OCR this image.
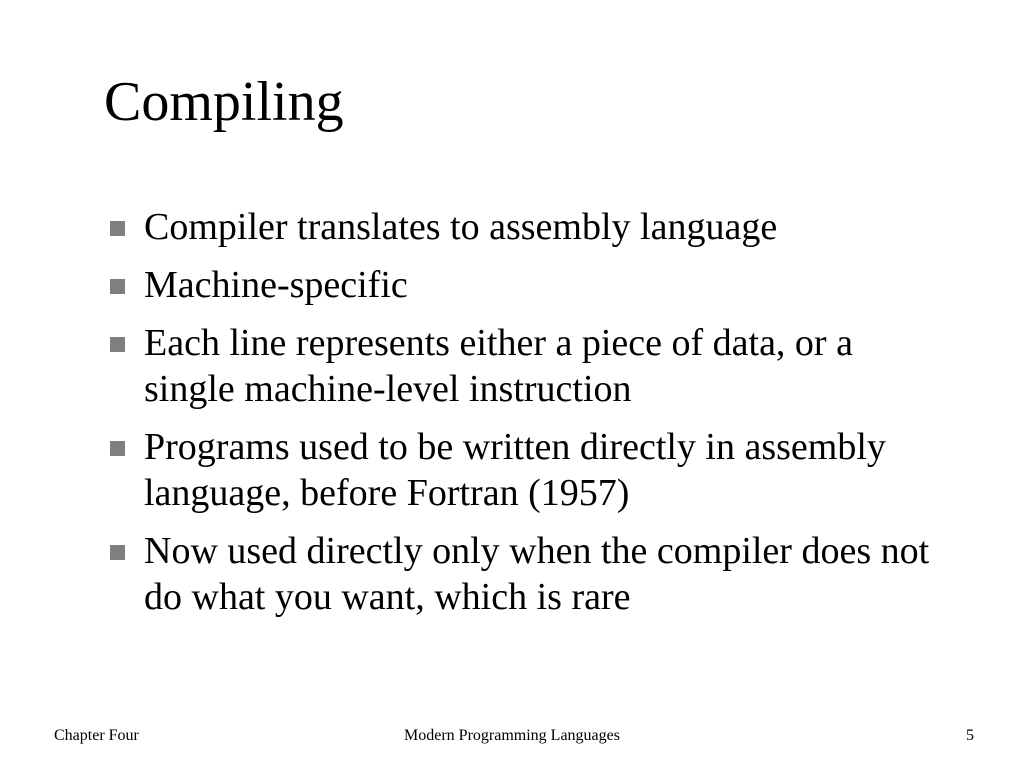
Compiling
Compiler translates to assembly language
Machine-specific
Each line represents either a piece of data, or a single machine-level instruction
Programs used to be written directly in assembly language, before Fortran (1957)
Now used directly only when the compiler does not do what you want, which is rare
Chapter Four	Modern Programming Languages	5
